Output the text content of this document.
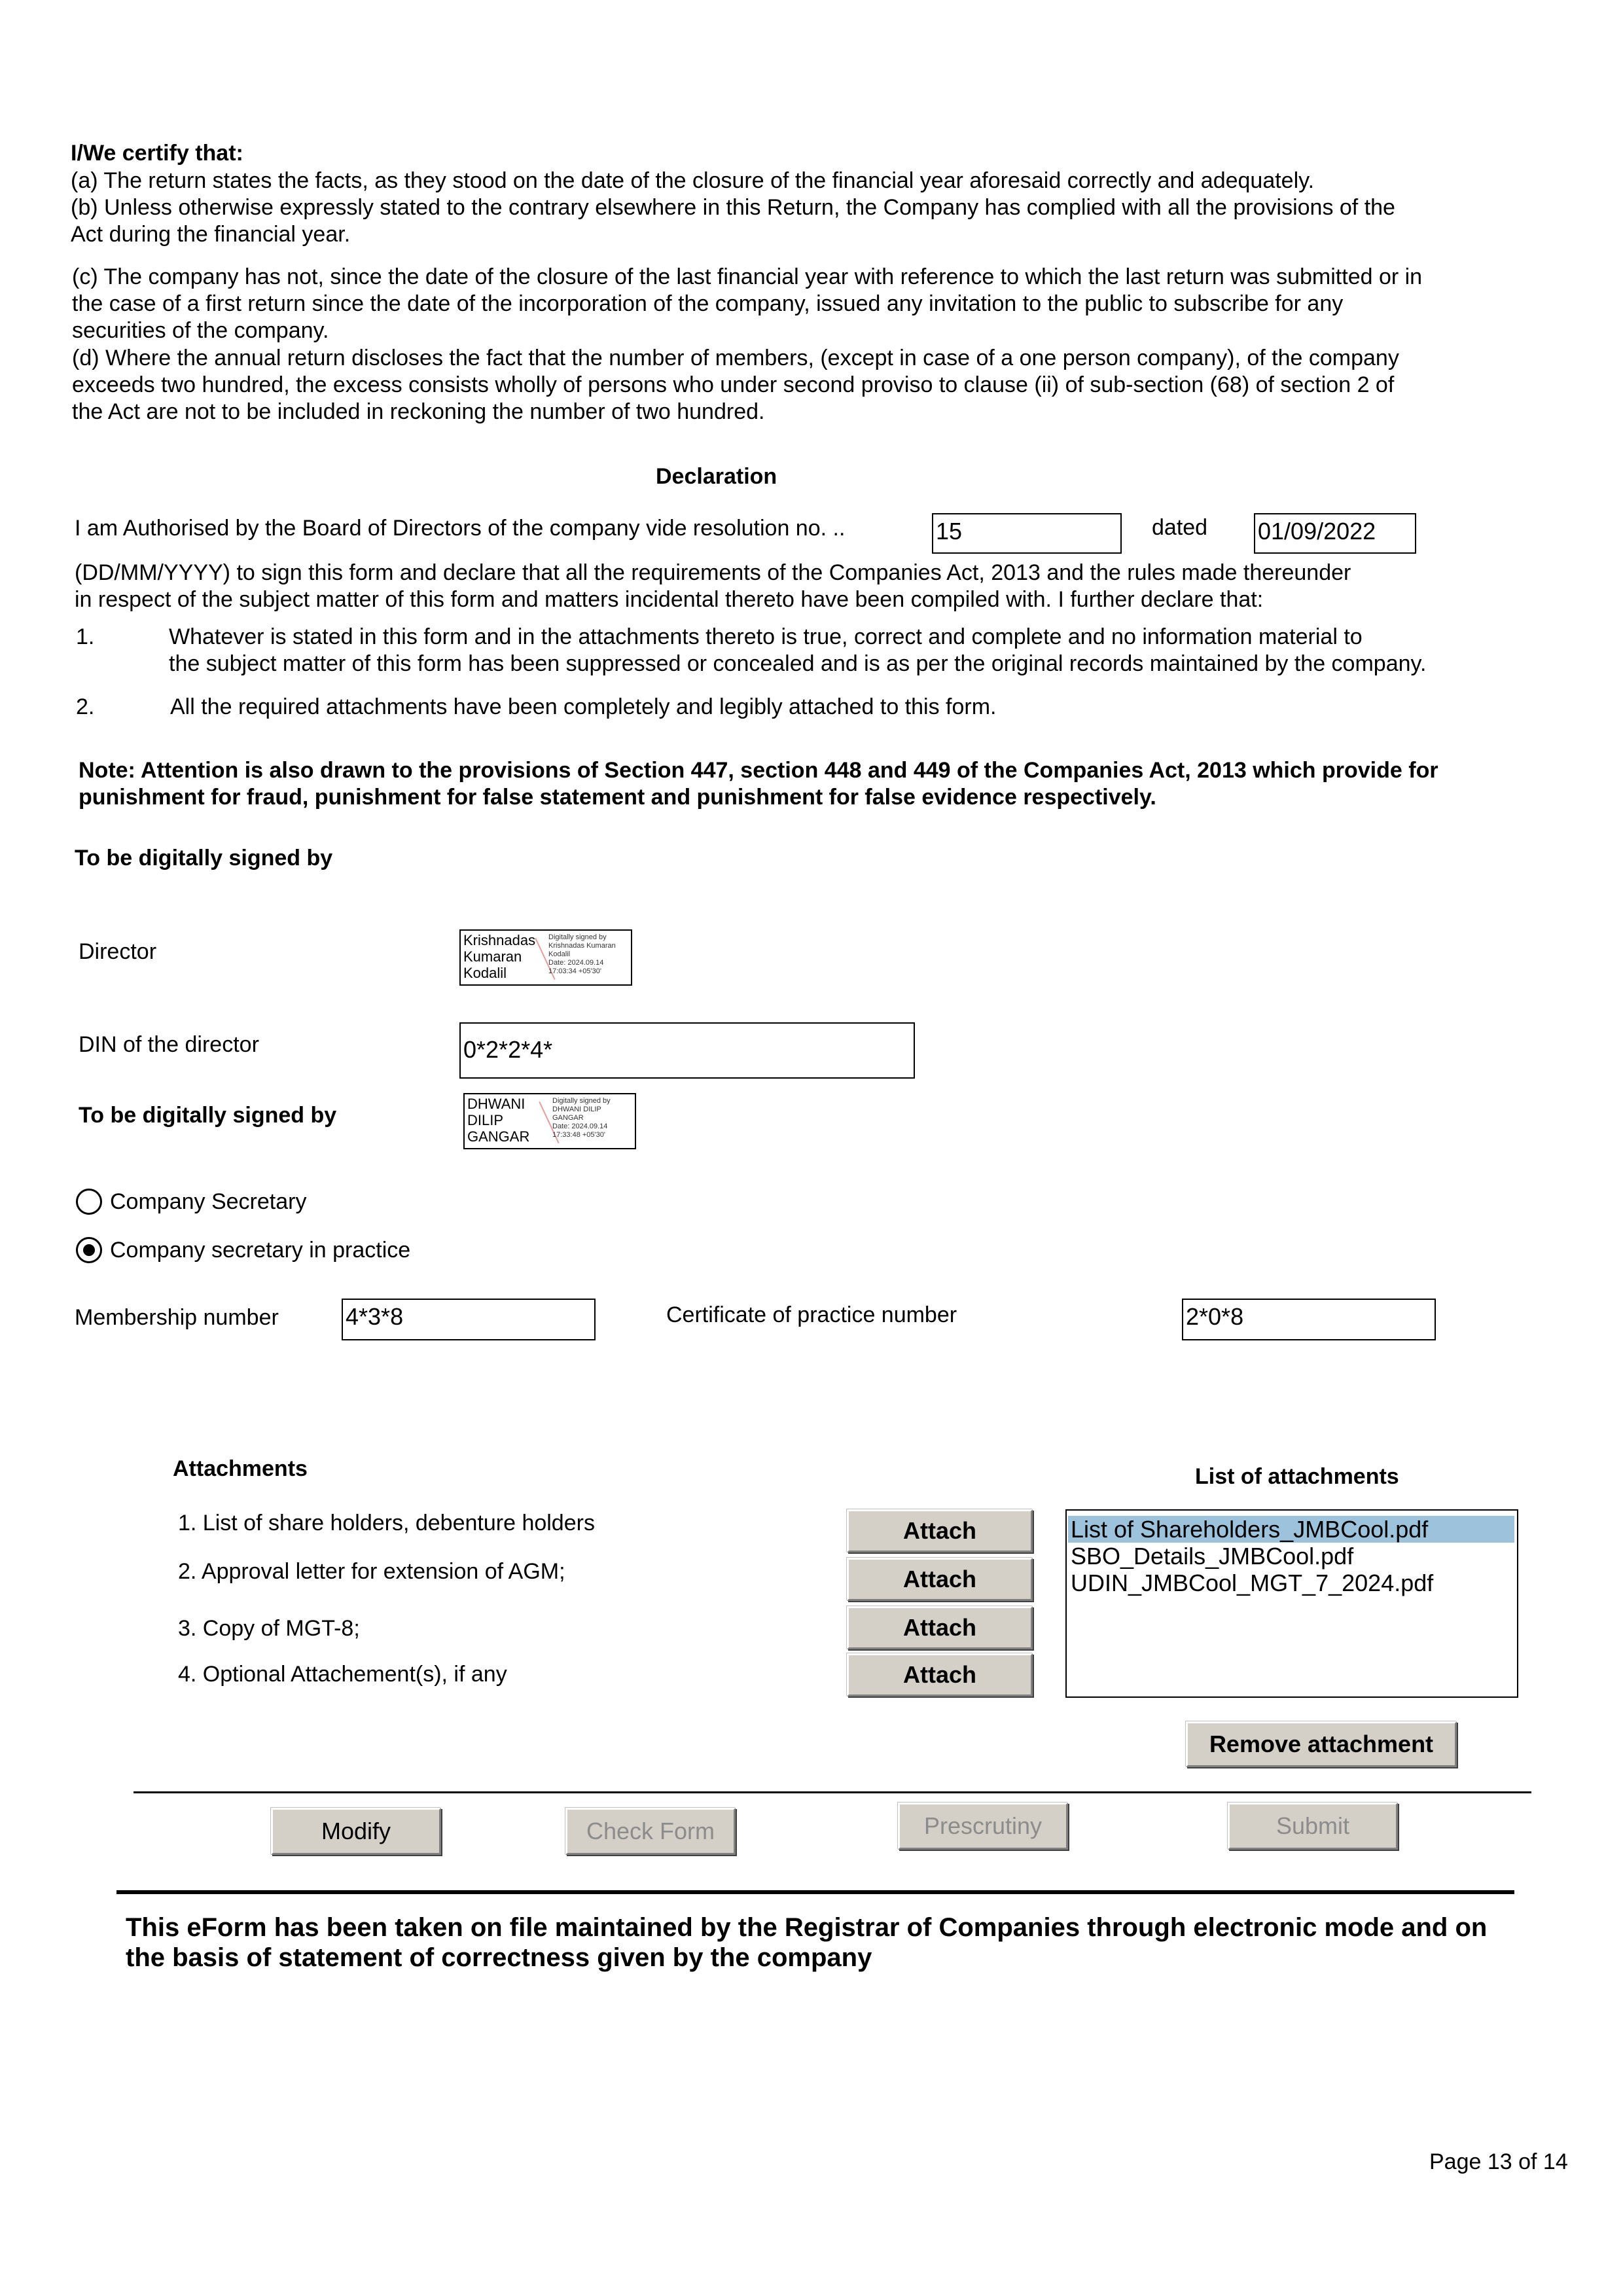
I/We certify that:
(a) The return states the facts, as they stood on the date of the closure of the financial year aforesaid correctly and adequately.
(b) Unless otherwise expressly stated to the contrary elsewhere in this Return, the Company has complied with all the provisions of the
Act during the financial year.
(c) The company has not, since the date of the closure of the last financial year with reference to which the last return was submitted or in
the case of a first return since the date of the incorporation of the company, issued any invitation to the public to subscribe for any
securities of the company.
(d) Where the annual return discloses the fact that the number of members, (except in case of a one person company), of the company
exceeds two hundred, the excess consists wholly of persons who under second proviso to clause (ii) of sub-section (68) of section 2 of
the Act are not to be included in reckoning the number of two hundred.
Declaration
I am Authorised by the Board of Directors of the company vide resolution no. ..	15	dated 01/09/2022
(DD/MM/YYYY) to sign this form and declare that all the requirements of the Companies Act, 2013 and the rules made thereunder
in respect of the subject matter of this form and matters incidental thereto have been compiled with. I further declare that:
1.	Whatever is stated in this form and in the attachments thereto is true, correct and complete and no information material to
the subject matter of this form has been suppressed or concealed and is as per the original records maintained by the company.
2.	All the required attachments have been completely and legibly attached to this form.
Note: Attention is also drawn to the provisions of Section 447, section 448 and 449 of the Companies Act, 2013 which provide for
punishment for fraud, punishment for false statement and punishment for false evidence respectively.
To be digitally signed by
Director	Krishnadas
Kumaran
Kodalil
Digitally signed by
Krishnadas Kumaran
Kodalil
Date: 2024.09.14
17:03:34 +05'30'
DIN of the director	0*2*2*4*
To be digitally signed by	DHWANI
DILIP
GANGAR
Digitally signed by
DHWANI DILIP
GANGAR
Date: 2024.09.14
17:33:48 +05'30'
Company Secretary
Company secretary in practice
Membership number	4*3*8	Certificate of practice number	2*0*8
Attachments	List of attachments
1. List of share holders, debenture holders
2. Approval letter for extension of AGM;
3. Copy of MGT-8;
4. Optional Attachement(s), if any
Attach
Attach
Attach
Attach
List of Shareholders_JMBCool.pdf
SBO_Details_JMBCool.pdf
UDIN_JMBCool_MGT_7_2024.pdf
Remove attachment
Modify	Check Form	Prescrutiny	Submit
This eForm has been taken on file maintained by the Registrar of Companies through electronic mode and on
the basis of statement of correctness given by the company
Page 13 of 14
